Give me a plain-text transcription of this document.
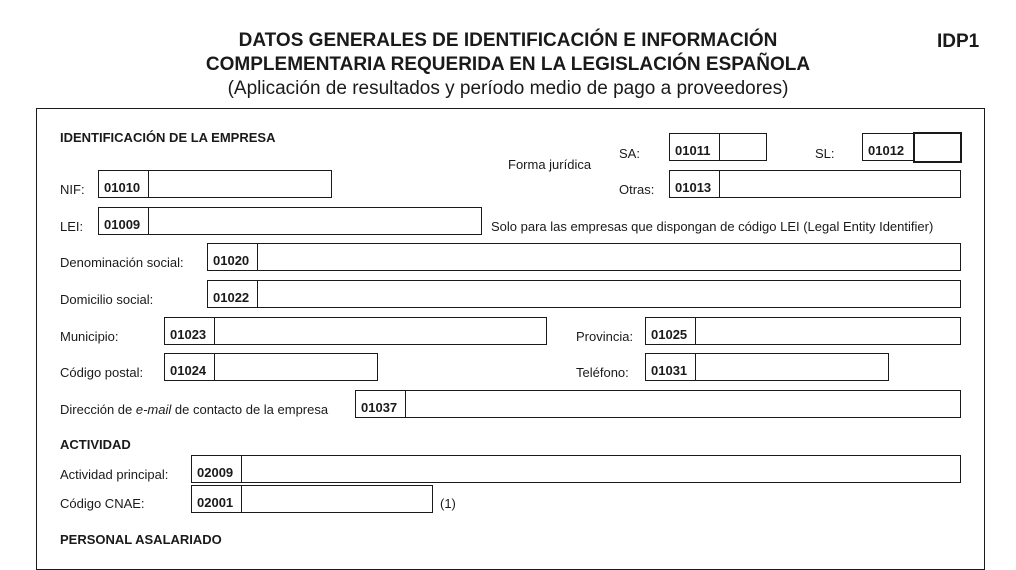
DATOS GENERALES DE IDENTIFICACIÓN E INFORMACIÓN
COMPLEMENTARIA REQUERIDA EN LA LEGISLACIÓN ESPAÑOLA
(Aplicación de resultados y período medio de pago a proveedores)
IDP1
IDENTIFICACIÓN DE LA EMPRESA
Forma jurídica
SA:	01011	SL:	01012
Otras:	01013
NIF:	01010
LEI:	01009	Solo para las empresas que dispongan de código LEI (Legal Entity Identifier)
Denominación social:	01020
Domicilio social:	01022
Municipio:	01023	Provincia:	01025
Código postal:	01024	Teléfono:	01031
Dirección de e-mail de contacto de la empresa	01037
ACTIVIDAD
Actividad principal:	02009
Código CNAE:	02001	(1)
PERSONAL ASALARIADO
